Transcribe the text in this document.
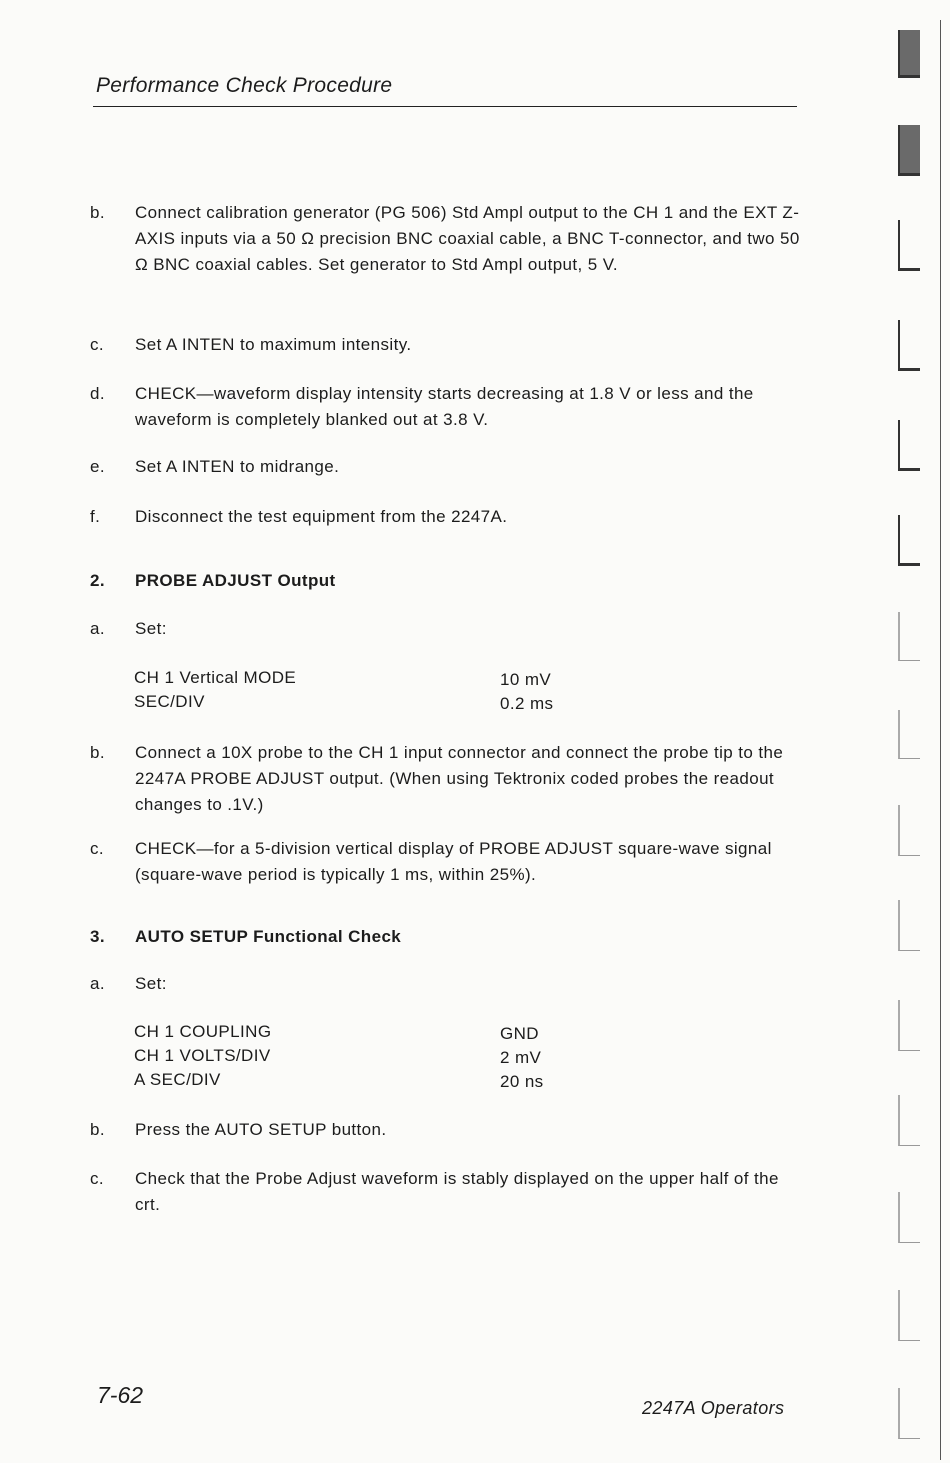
Performance Check Procedure
b. Connect calibration generator (PG 506) Std Ampl output to the CH 1 and the EXT Z-AXIS inputs via a 50 Ω precision BNC coaxial cable, a BNC T-connector, and two 50 Ω BNC coaxial cables. Set generator to Std Ampl output, 5 V.
c. Set A INTEN to maximum intensity.
d. CHECK—waveform display intensity starts decreasing at 1.8 V or less and the waveform is completely blanked out at 3.8 V.
e. Set A INTEN to midrange.
f. Disconnect the test equipment from the 2247A.
2. PROBE ADJUST Output
a. Set:
CH 1 Vertical MODE	10 mV
SEC/DIV	0.2 ms
b. Connect a 10X probe to the CH 1 input connector and connect the probe tip to the 2247A PROBE ADJUST output. (When using Tektronix coded probes the readout changes to .1V.)
c. CHECK—for a 5-division vertical display of PROBE ADJUST square-wave signal (square-wave period is typically 1 ms, within 25%).
3. AUTO SETUP Functional Check
a. Set:
CH 1 COUPLING	GND
CH 1 VOLTS/DIV	2 mV
A SEC/DIV	20 ns
b. Press the AUTO SETUP button.
c. Check that the Probe Adjust waveform is stably displayed on the upper half of the crt.
7-62	2247A Operators
